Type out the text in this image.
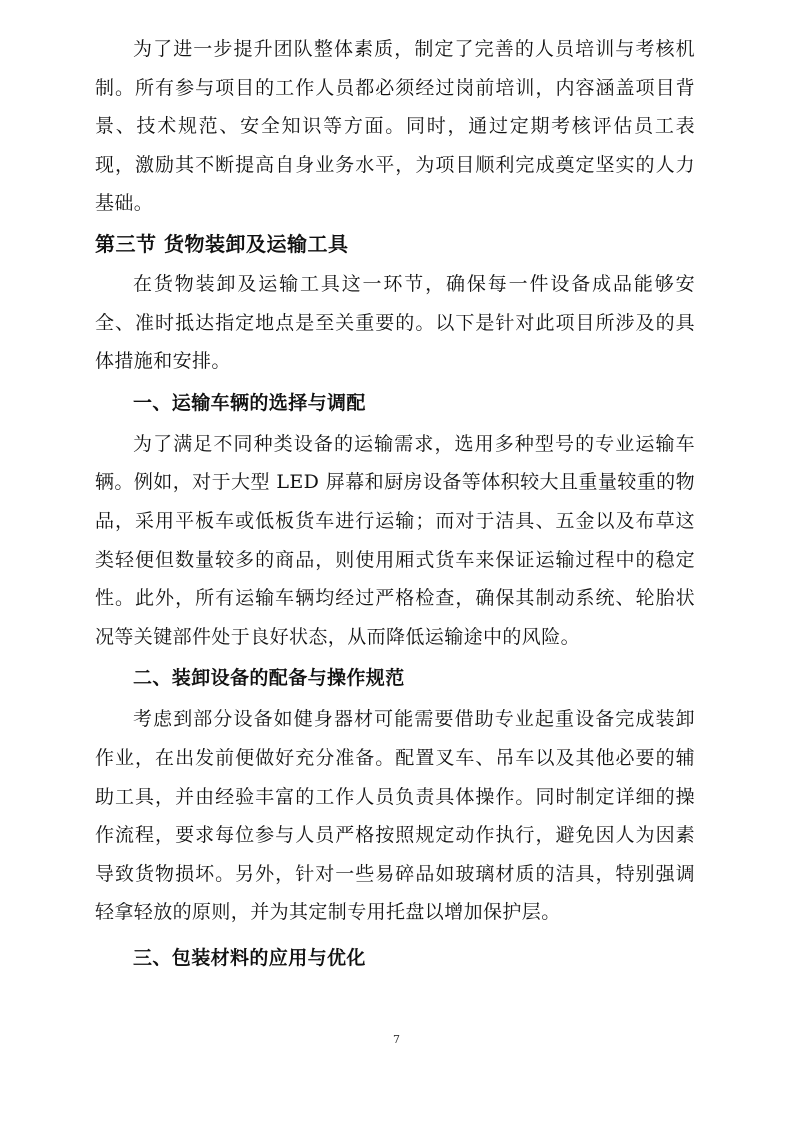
为了进一步提升团队整体素质，制定了完善的人员培训与考核机制。所有参与项目的工作人员都必须经过岗前培训，内容涵盖项目背景、技术规范、安全知识等方面。同时，通过定期考核评估员工表现，激励其不断提高自身业务水平，为项目顺利完成奠定坚实的人力基础。

第三节 货物装卸及运输工具

在货物装卸及运输工具这一环节，确保每一件设备成品能够安全、准时抵达指定地点是至关重要的。以下是针对此项目所涉及的具体措施和安排。

一、运输车辆的选择与调配

为了满足不同种类设备的运输需求，选用多种型号的专业运输车辆。例如，对于大型 LED 屏幕和厨房设备等体积较大且重量较重的物品，采用平板车或低板货车进行运输；而对于洁具、五金以及布草这类轻便但数量较多的商品，则使用厢式货车来保证运输过程中的稳定性。此外，所有运输车辆均经过严格检查，确保其制动系统、轮胎状况等关键部件处于良好状态，从而降低运输途中的风险。

二、装卸设备的配备与操作规范

考虑到部分设备如健身器材可能需要借助专业起重设备完成装卸作业，在出发前便做好充分准备。配置叉车、吊车以及其他必要的辅助工具，并由经验丰富的工作人员负责具体操作。同时制定详细的操作流程，要求每位参与人员严格按照规定动作执行，避免因人为因素导致货物损坏。另外，针对一些易碎品如玻璃材质的洁具，特别强调轻拿轻放的原则，并为其定制专用托盘以增加保护层。

三、包装材料的应用与优化
7
